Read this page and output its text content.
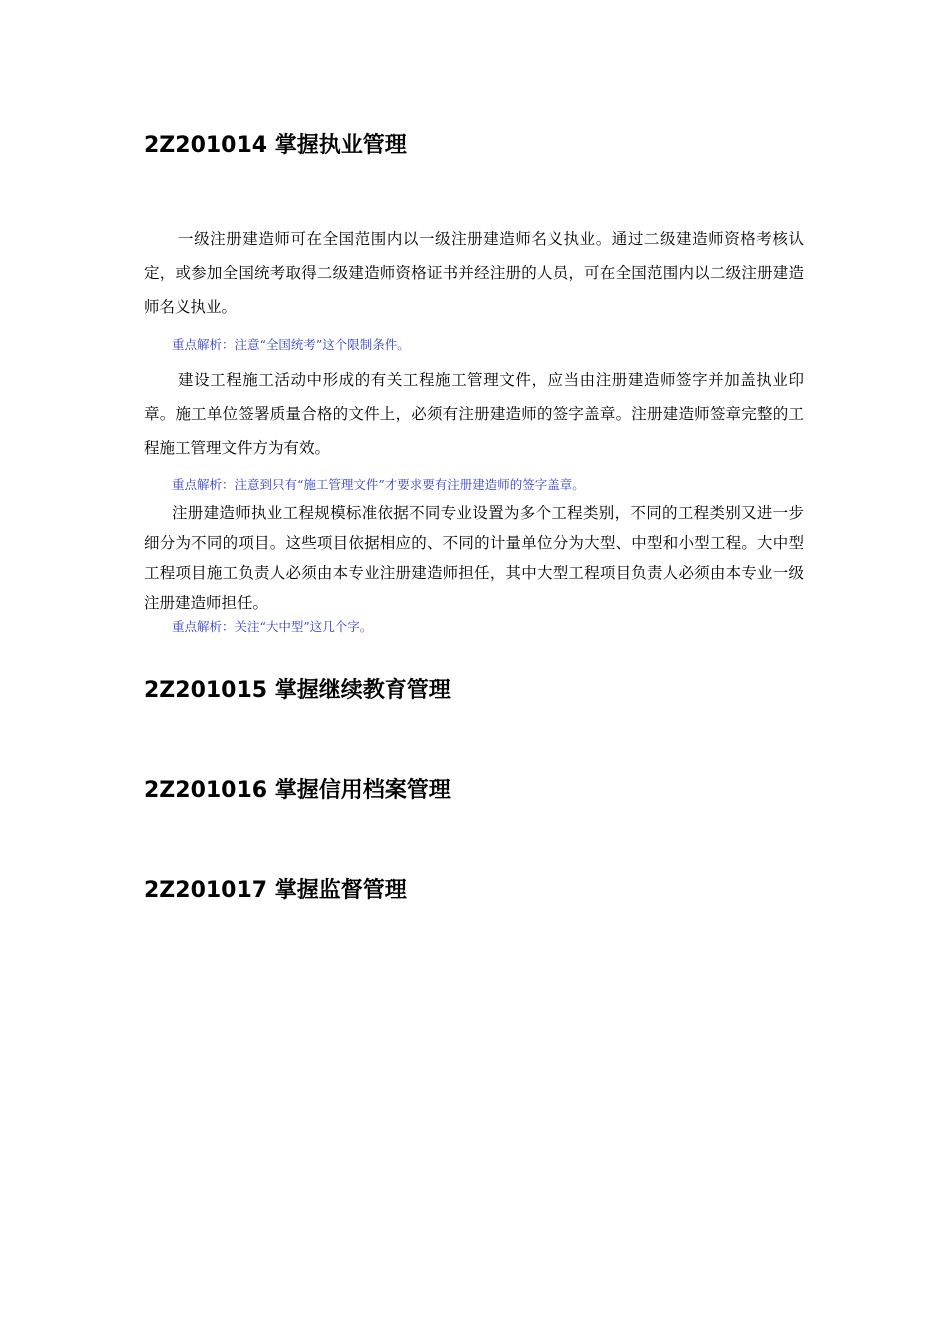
2Z201014 掌握执业管理

一级注册建造师可在全国范围内以一级注册建造师名义执业。通过二级建造师资格考核认定，或参加全国统考取得二级建造师资格证书并经注册的人员，可在全国范围内以二级注册建造师名义执业。

重点解析：注意“全国统考”这个限制条件。

建设工程施工活动中形成的有关工程施工管理文件，应当由注册建造师签字并加盖执业印章。施工单位签署质量合格的文件上，必须有注册建造师的签字盖章。注册建造师签章完整的工程施工管理文件方为有效。

重点解析：注意到只有“施工管理文件”才要求要有注册建造师的签字盖章。

注册建造师执业工程规模标准依据不同专业设置为多个工程类别，不同的工程类别又进一步细分为不同的项目。这些项目依据相应的、不同的计量单位分为大型、中型和小型工程。大中型工程项目施工负责人必须由本专业注册建造师担任，其中大型工程项目负责人必须由本专业一级注册建造师担任。

重点解析：关注“大中型”这几个字。

2Z201015 掌握继续教育管理
2Z201016 掌握信用档案管理
2Z201017 掌握监督管理
